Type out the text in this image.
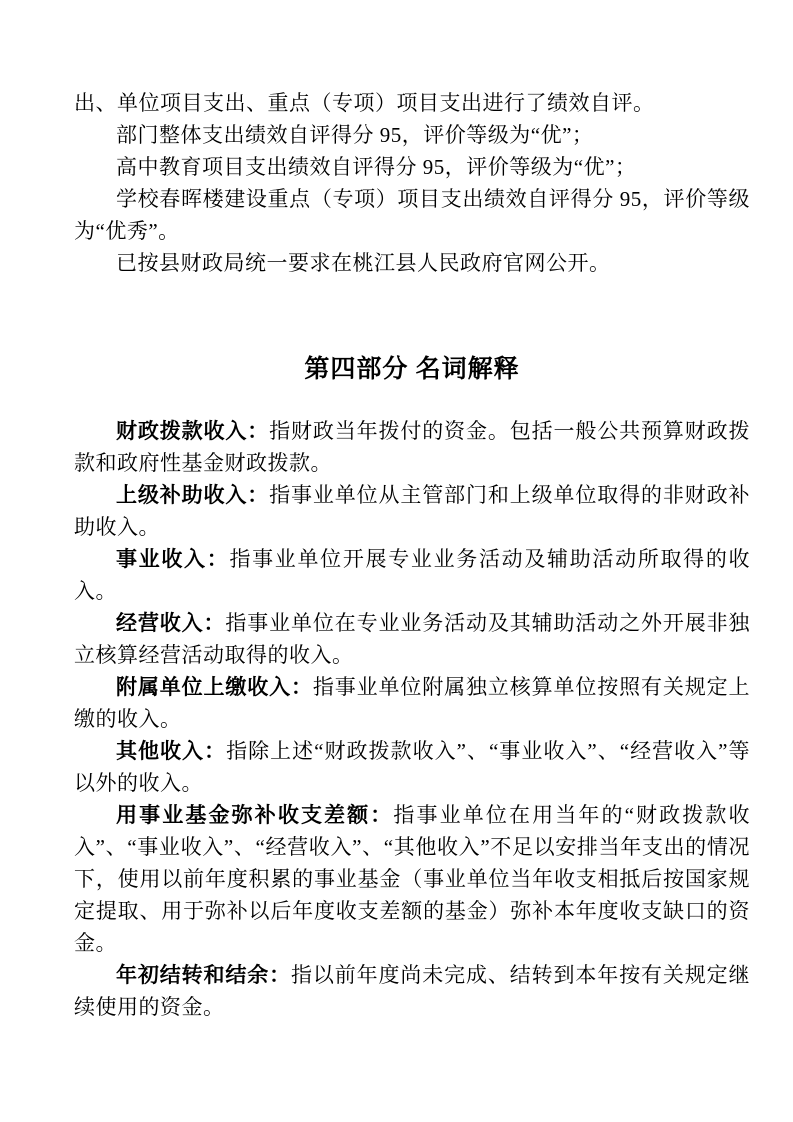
出、单位项目支出、重点（专项）项目支出进行了绩效自评。

部门整体支出绩效自评得分 95，评价等级为“优”；

高中教育项目支出绩效自评得分 95，评价等级为“优”；

学校春晖楼建设重点（专项）项目支出绩效自评得分 95，评价等级为“优秀”。

已按县财政局统一要求在桃江县人民政府官网公开。

第四部分 名词解释

财政拨款收入：指财政当年拨付的资金。包括一般公共预算财政拨款和政府性基金财政拨款。

上级补助收入：指事业单位从主管部门和上级单位取得的非财政补助收入。

事业收入：指事业单位开展专业业务活动及辅助活动所取得的收入。

经营收入：指事业单位在专业业务活动及其辅助活动之外开展非独立核算经营活动取得的收入。

附属单位上缴收入：指事业单位附属独立核算单位按照有关规定上缴的收入。

其他收入：指除上述“财政拨款收入”、“事业收入”、“经营收入”等以外的收入。

用事业基金弥补收支差额：指事业单位在用当年的“财政拨款收入”、“事业收入”、“经营收入”、“其他收入”不足以安排当年支出的情况下，使用以前年度积累的事业基金（事业单位当年收支相抵后按国家规定提取、用于弥补以后年度收支差额的基金）弥补本年度收支缺口的资金。

年初结转和结余：指以前年度尚未完成、结转到本年按有关规定继续使用的资金。
